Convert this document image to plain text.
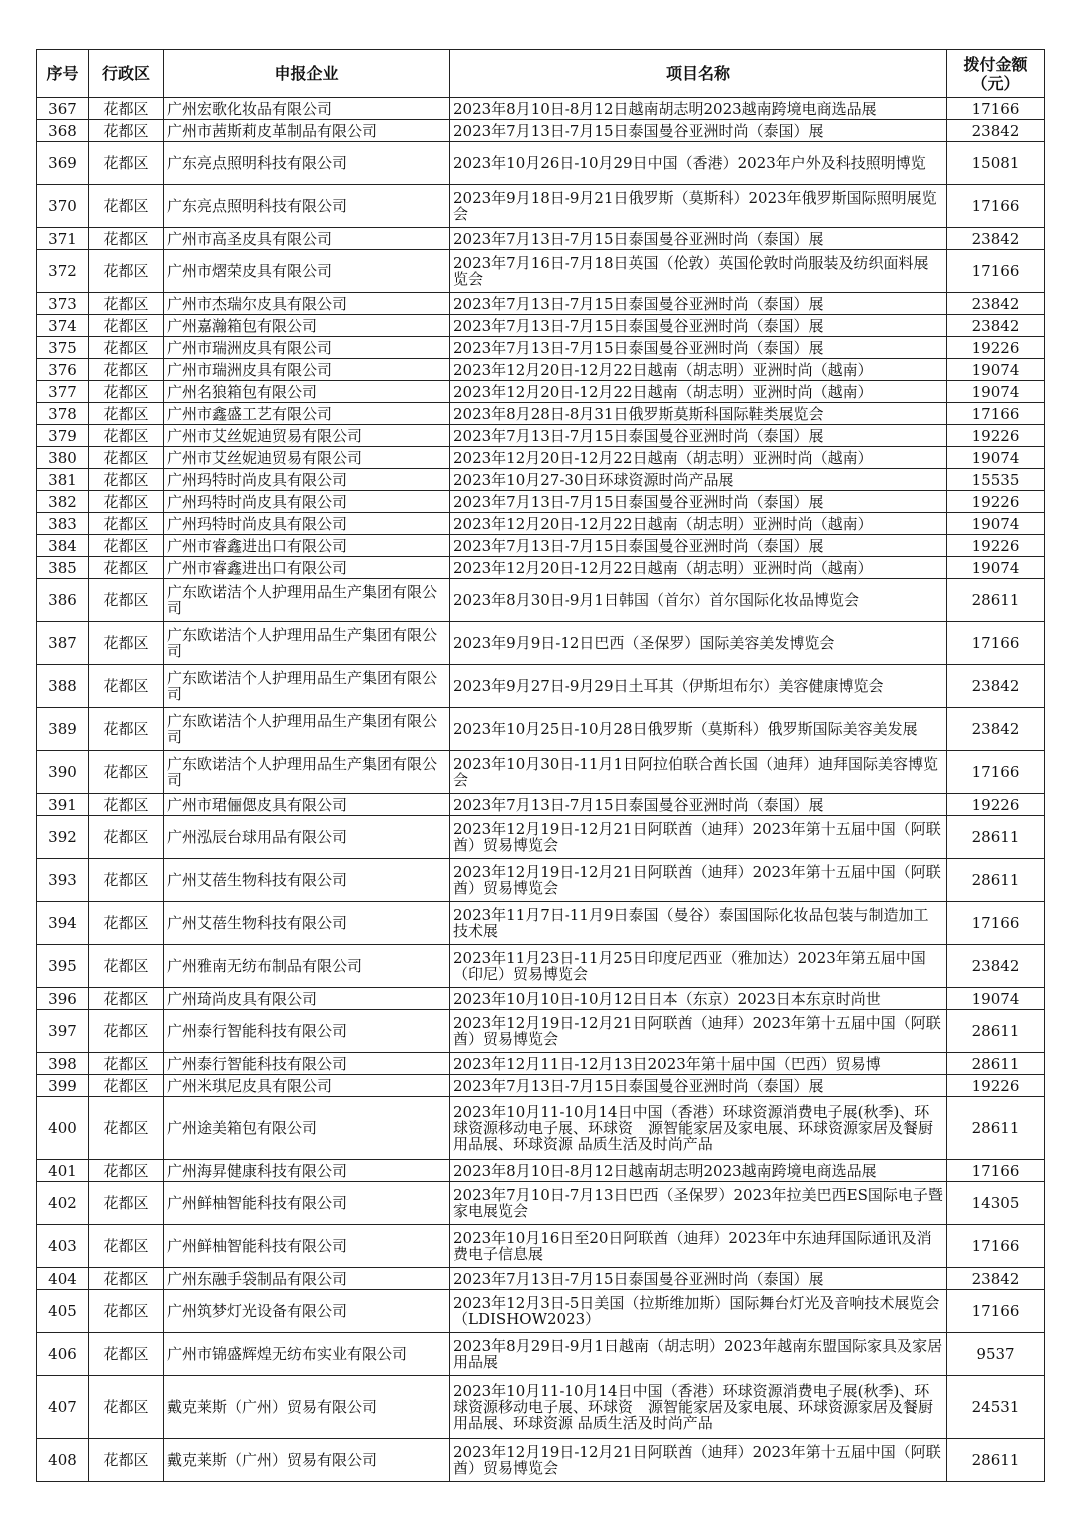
序号	行政区	申报企业	项目名称	拨付金额（元）
367	花都区	广州宏歌化妆品有限公司	2023年8月10日-8月12日越南胡志明2023越南跨境电商选品展	17166
368	花都区	广州市茜斯莉皮革制品有限公司	2023年7月13日-7月15日泰国曼谷亚洲时尚（泰国）展	23842
369	花都区	广东亮点照明科技有限公司	2023年10月26日-10月29日中国（香港）2023年户外及科技照明博览	15081
370	花都区	广东亮点照明科技有限公司	2023年9月18日-9月21日俄罗斯（莫斯科）2023年俄罗斯国际照明展览会	17166
371	花都区	广州市高圣皮具有限公司	2023年7月13日-7月15日泰国曼谷亚洲时尚（泰国）展	23842
372	花都区	广州市熠荣皮具有限公司	2023年7月16日-7月18日英国（伦敦）英国伦敦时尚服装及纺织面料展览会	17166
373	花都区	广州市杰瑞尔皮具有限公司	2023年7月13日-7月15日泰国曼谷亚洲时尚（泰国）展	23842
374	花都区	广州嘉瀚箱包有限公司	2023年7月13日-7月15日泰国曼谷亚洲时尚（泰国）展	23842
375	花都区	广州市瑞洲皮具有限公司	2023年7月13日-7月15日泰国曼谷亚洲时尚（泰国）展	19226
376	花都区	广州市瑞洲皮具有限公司	2023年12月20日-12月22日越南（胡志明）亚洲时尚（越南）	19074
377	花都区	广州名狼箱包有限公司	2023年12月20日-12月22日越南（胡志明）亚洲时尚（越南）	19074
378	花都区	广州市鑫盛工艺有限公司	2023年8月28日-8月31日俄罗斯莫斯科国际鞋类展览会	17166
379	花都区	广州市艾丝妮迪贸易有限公司	2023年7月13日-7月15日泰国曼谷亚洲时尚（泰国）展	19226
380	花都区	广州市艾丝妮迪贸易有限公司	2023年12月20日-12月22日越南（胡志明）亚洲时尚（越南）	19074
381	花都区	广州玛特时尚皮具有限公司	2023年10月27-30日环球资源时尚产品展	15535
382	花都区	广州玛特时尚皮具有限公司	2023年7月13日-7月15日泰国曼谷亚洲时尚（泰国）展	19226
383	花都区	广州玛特时尚皮具有限公司	2023年12月20日-12月22日越南（胡志明）亚洲时尚（越南）	19074
384	花都区	广州市睿鑫进出口有限公司	2023年7月13日-7月15日泰国曼谷亚洲时尚（泰国）展	19226
385	花都区	广州市睿鑫进出口有限公司	2023年12月20日-12月22日越南（胡志明）亚洲时尚（越南）	19074
386	花都区	广东欧诺洁个人护理用品生产集团有限公司	2023年8月30日-9月1日韩国（首尔）首尔国际化妆品博览会	28611
387	花都区	广东欧诺洁个人护理用品生产集团有限公司	2023年9月9日-12日巴西（圣保罗）国际美容美发博览会	17166
388	花都区	广东欧诺洁个人护理用品生产集团有限公司	2023年9月27日-9月29日土耳其（伊斯坦布尔）美容健康博览会	23842
389	花都区	广东欧诺洁个人护理用品生产集团有限公司	2023年10月25日-10月28日俄罗斯（莫斯科）俄罗斯国际美容美发展	23842
390	花都区	广东欧诺洁个人护理用品生产集团有限公司	2023年10月30日-11月1日阿拉伯联合酋长国（迪拜）迪拜国际美容博览会	17166
391	花都区	广州市珺俪偲皮具有限公司	2023年7月13日-7月15日泰国曼谷亚洲时尚（泰国）展	19226
392	花都区	广州泓辰台球用品有限公司	2023年12月19日-12月21日阿联酋（迪拜）2023年第十五届中国（阿联酋）贸易博览会	28611
393	花都区	广州艾蓓生物科技有限公司	2023年12月19日-12月21日阿联酋（迪拜）2023年第十五届中国（阿联酋）贸易博览会	28611
394	花都区	广州艾蓓生物科技有限公司	2023年11月7日-11月9日泰国（曼谷）泰国国际化妆品包装与制造加工技术展	17166
395	花都区	广州雅南无纺布制品有限公司	2023年11月23日-11月25日印度尼西亚（雅加达）2023年第五届中国（印尼）贸易博览会	23842
396	花都区	广州琦尚皮具有限公司	2023年10月10日-10月12日日本（东京）2023日本东京时尚世	19074
397	花都区	广州泰行智能科技有限公司	2023年12月19日-12月21日阿联酋（迪拜）2023年第十五届中国（阿联酋）贸易博览会	28611
398	花都区	广州泰行智能科技有限公司	2023年12月11日-12月13日2023年第十届中国（巴西）贸易博	28611
399	花都区	广州米琪尼皮具有限公司	2023年7月13日-7月15日泰国曼谷亚洲时尚（泰国）展	19226
400	花都区	广州途美箱包有限公司	2023年10月11-10月14日中国（香港）环球资源消费电子展(秋季)、环球资源移动电子展、环球资　源智能家居及家电展、环球资源家居及餐厨用品展、环球资源 品质生活及时尚产品	28611
401	花都区	广州海昇健康科技有限公司	2023年8月10日-8月12日越南胡志明2023越南跨境电商选品展	17166
402	花都区	广州鲜柚智能科技有限公司	2023年7月10日-7月13日巴西（圣保罗）2023年拉美巴西ES国际电子暨家电展览会	14305
403	花都区	广州鲜柚智能科技有限公司	2023年10月16日至20日阿联酋（迪拜）2023年中东迪拜国际通讯及消费电子信息展	17166
404	花都区	广州东融手袋制品有限公司	2023年7月13日-7月15日泰国曼谷亚洲时尚（泰国）展	23842
405	花都区	广州筑梦灯光设备有限公司	2023年12月3日-5日美国（拉斯维加斯）国际舞台灯光及音响技术展览会（LDISHOW2023）	17166
406	花都区	广州市锦盛辉煌无纺布实业有限公司	2023年8月29日-9月1日越南（胡志明）2023年越南东盟国际家具及家居用品展	9537
407	花都区	戴克莱斯（广州）贸易有限公司	2023年10月11-10月14日中国（香港）环球资源消费电子展(秋季)、环球资源移动电子展、环球资　源智能家居及家电展、环球资源家居及餐厨用品展、环球资源 品质生活及时尚产品	24531
408	花都区	戴克莱斯（广州）贸易有限公司	2023年12月19日-12月21日阿联酋（迪拜）2023年第十五届中国（阿联酋）贸易博览会	28611
